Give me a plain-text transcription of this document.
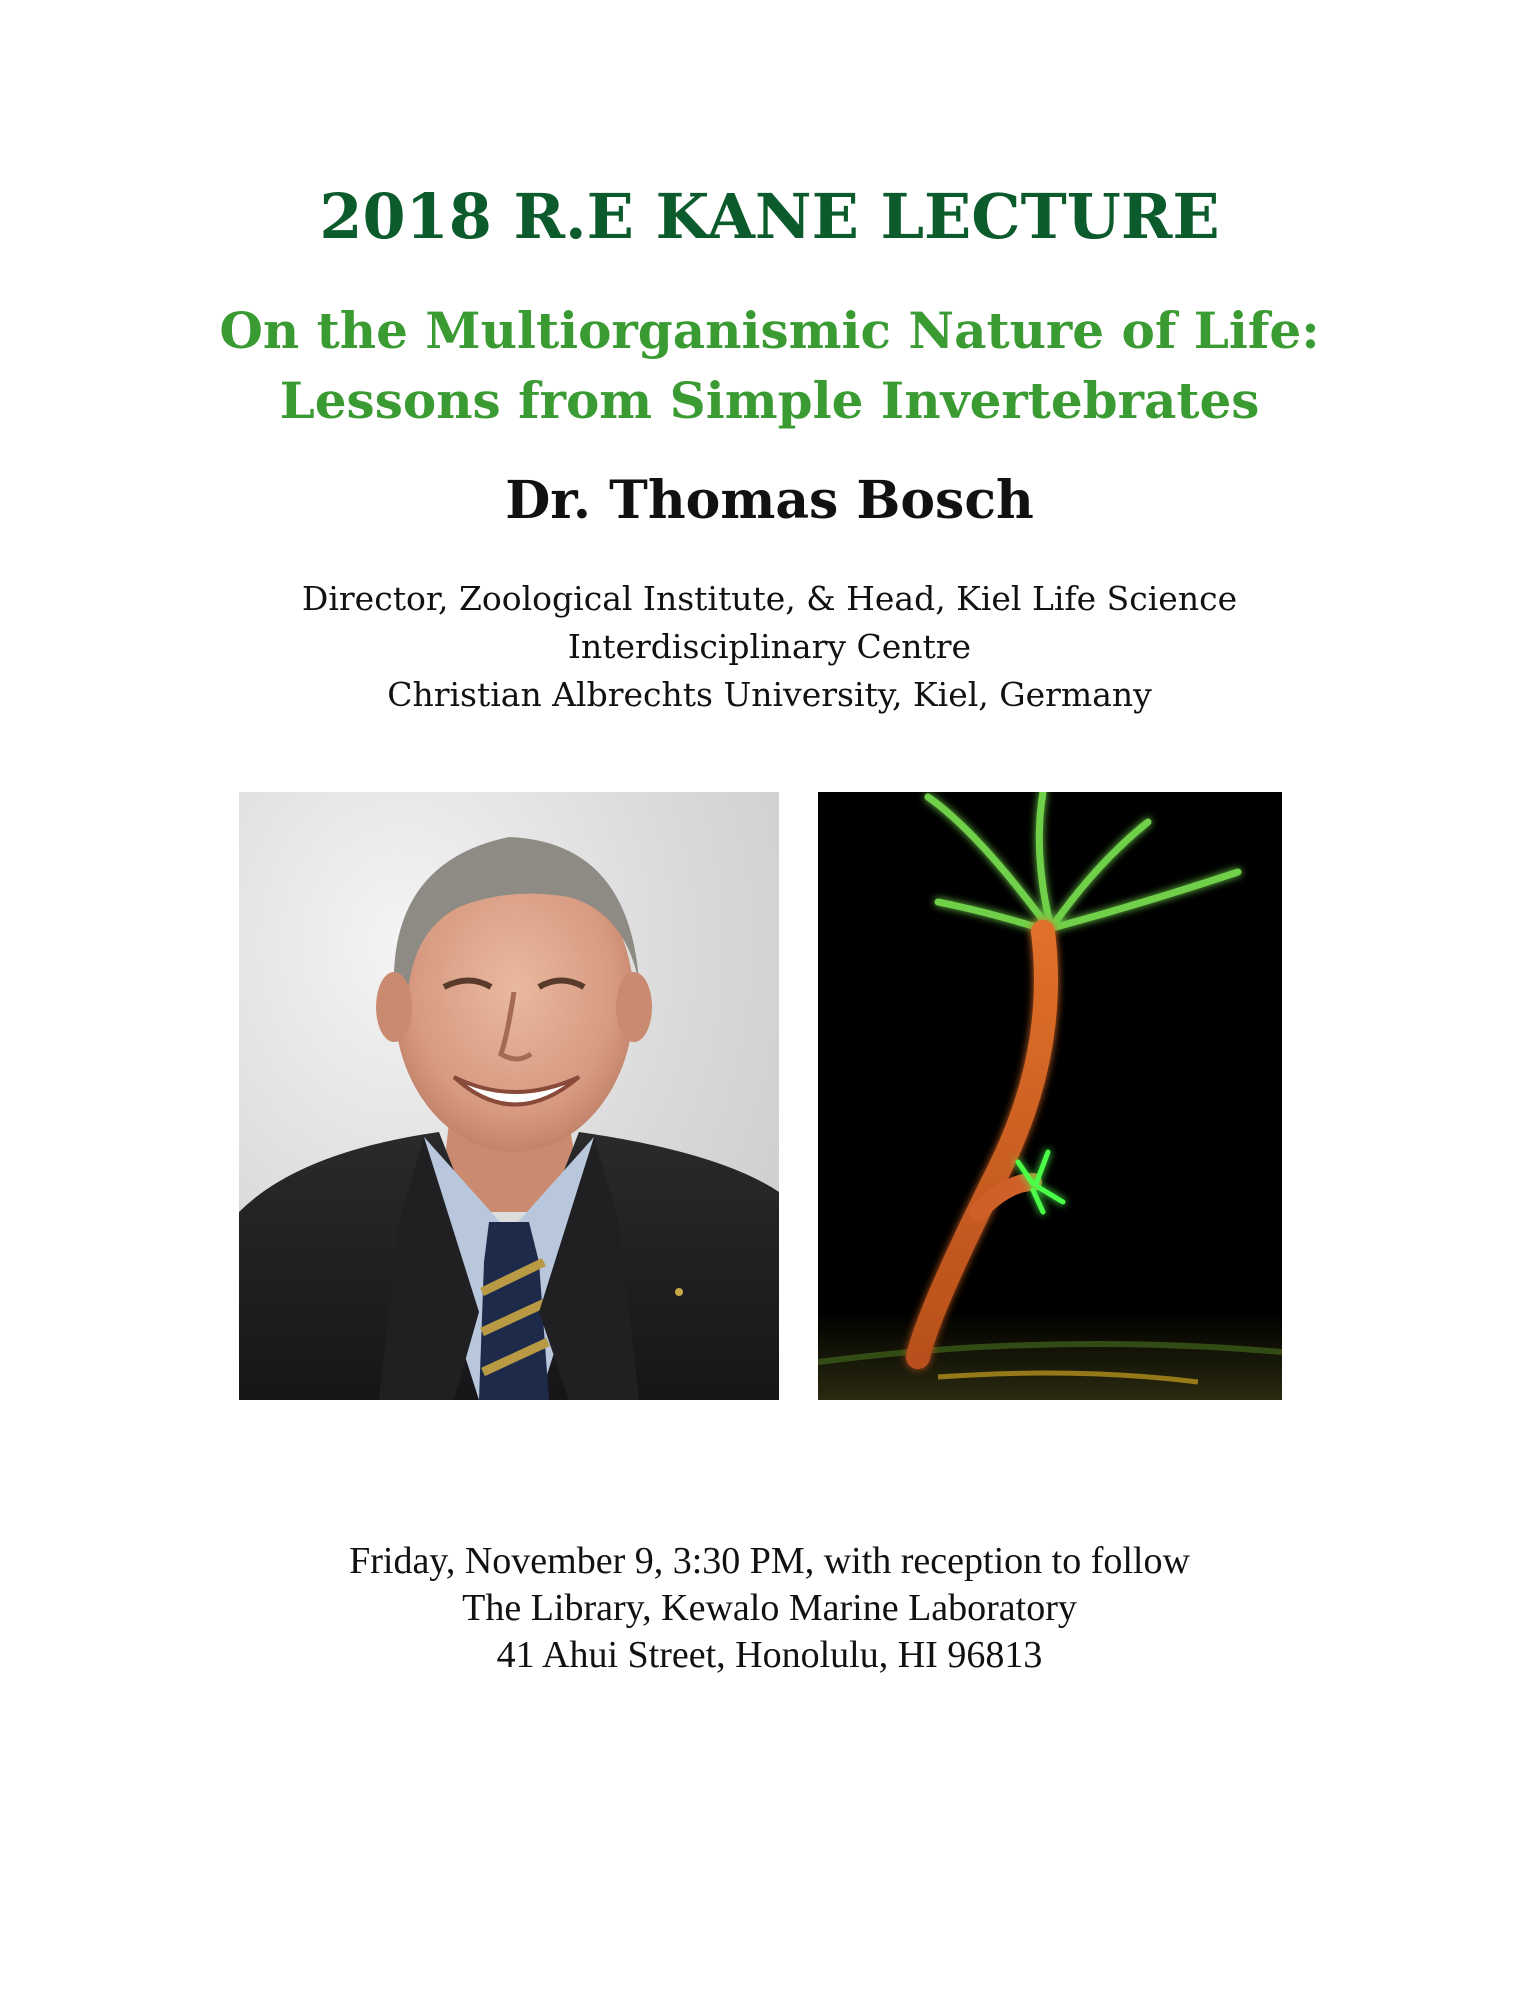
2018 R.E KANE LECTURE
On the Multiorganismic Nature of Life:
Lessons from Simple Invertebrates
Dr. Thomas Bosch
Director, Zoological Institute, & Head, Kiel Life Science
Interdisciplinary Centre
Christian Albrechts University, Kiel, Germany
Friday, November 9, 3:30 PM, with reception to follow
The Library, Kewalo Marine Laboratory
41 Ahui Street, Honolulu, HI 96813
